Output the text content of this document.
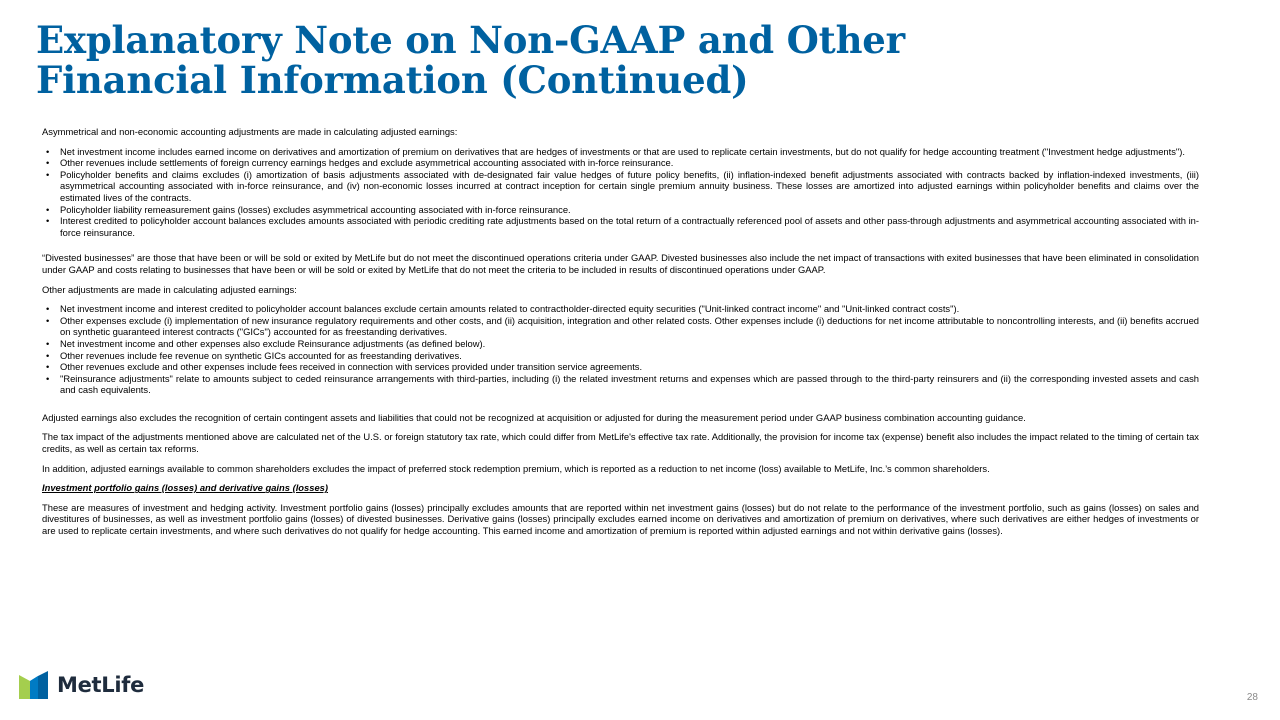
Explanatory Note on Non-GAAP and Other
Financial Information (Continued)

Asymmetrical and non-economic accounting adjustments are made in calculating adjusted earnings:

• Net investment income includes earned income on derivatives and amortization of premium on derivatives that are hedges of investments or that are used to replicate certain investments, but do not qualify for hedge accounting treatment ("Investment hedge adjustments").
• Other revenues include settlements of foreign currency earnings hedges and exclude asymmetrical accounting associated with in-force reinsurance.
• Policyholder benefits and claims excludes (i) amortization of basis adjustments associated with de-designated fair value hedges of future policy benefits, (ii) inflation-indexed benefit adjustments associated with contracts backed by inflation-indexed investments, (iii) asymmetrical accounting associated with in-force reinsurance, and (iv) non-economic losses incurred at contract inception for certain single premium annuity business. These losses are amortized into adjusted earnings within policyholder benefits and claims over the estimated lives of the contracts.
• Policyholder liability remeasurement gains (losses) excludes asymmetrical accounting associated with in-force reinsurance.
• Interest credited to policyholder account balances excludes amounts associated with periodic crediting rate adjustments based on the total return of a contractually referenced pool of assets and other pass-through adjustments and asymmetrical accounting associated with in-force reinsurance.

“Divested businesses” are those that have been or will be sold or exited by MetLife but do not meet the discontinued operations criteria under GAAP. Divested businesses also include the net impact of transactions with exited businesses that have been eliminated in consolidation under GAAP and costs relating to businesses that have been or will be sold or exited by MetLife that do not meet the criteria to be included in results of discontinued operations under GAAP.

Other adjustments are made in calculating adjusted earnings:

• Net investment income and interest credited to policyholder account balances exclude certain amounts related to contractholder-directed equity securities ("Unit-linked contract income" and "Unit-linked contract costs").
• Other expenses exclude (i) implementation of new insurance regulatory requirements and other costs, and (ii) acquisition, integration and other related costs. Other expenses include (i) deductions for net income attributable to noncontrolling interests, and (ii) benefits accrued on synthetic guaranteed interest contracts ("GICs") accounted for as freestanding derivatives.
• Net investment income and other expenses also exclude Reinsurance adjustments (as defined below).
• Other revenues include fee revenue on synthetic GICs accounted for as freestanding derivatives.
• Other revenues exclude and other expenses include fees received in connection with services provided under transition service agreements.
• "Reinsurance adjustments" relate to amounts subject to ceded reinsurance arrangements with third-parties, including (i) the related investment returns and expenses which are passed through to the third-party reinsurers and (ii) the corresponding invested assets and cash and cash equivalents.

Adjusted earnings also excludes the recognition of certain contingent assets and liabilities that could not be recognized at acquisition or adjusted for during the measurement period under GAAP business combination accounting guidance.

The tax impact of the adjustments mentioned above are calculated net of the U.S. or foreign statutory tax rate, which could differ from MetLife's effective tax rate. Additionally, the provision for income tax (expense) benefit also includes the impact related to the timing of certain tax credits, as well as certain tax reforms.

In addition, adjusted earnings available to common shareholders excludes the impact of preferred stock redemption premium, which is reported as a reduction to net income (loss) available to MetLife, Inc.’s common shareholders.

Investment portfolio gains (losses) and derivative gains (losses)

These are measures of investment and hedging activity. Investment portfolio gains (losses) principally excludes amounts that are reported within net investment gains (losses) but do not relate to the performance of the investment portfolio, such as gains (losses) on sales and divestitures of businesses, as well as investment portfolio gains (losses) of divested businesses. Derivative gains (losses) principally excludes earned income on derivatives and amortization of premium on derivatives, where such derivatives are either hedges of investments or are used to replicate certain investments, and where such derivatives do not qualify for hedge accounting. This earned income and amortization of premium is reported within adjusted earnings and not within derivative gains (losses).

MetLife
28
